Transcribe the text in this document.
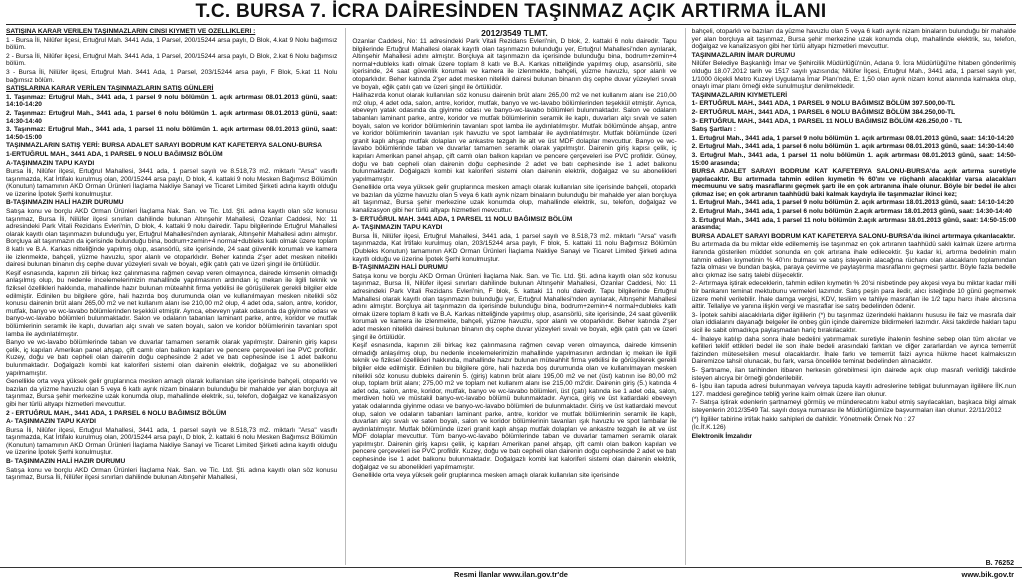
T.C. BURSA 7. İCRA DAİRESİNDEN TAŞINMAZ AÇIK ARTIRMA İLANI

SATIŞINA KARAR VERİLEN TAŞINMAZLARIN CİNSİ KIYMETİ VE ÖZELLİKLERİ :

1 - Bursa İli, Nilüfer ilçesi, Ertuğrul Mah. 3441 Ada, 1 Parsel, 200/15244 arsa paylı, D Blok, 4.kat 9 Nolu bağımsız bölüm.

2 - Bursa İli, Nilüfer ilçesi, Ertuğrul Mah. 3441 Ada, 1 Parsel, 200/15244 arsa paylı, D Blok, 2.kat 6 Nolu bağımsız bölüm.

3 - Bursa İli, Nilüfer ilçesi, Ertuğrul Mah. 3441 Ada, 1 Parsel, 203/15244 arsa paylı, F Blok, 5.kat 11 Nolu bağımsız bölüm.

SATIŞLARINA KARAR VERİLEN TAŞINMAZLARIN SATIŞ GÜNLERİ

1. Taşınmaz: Ertuğrul Mah., 3441 ada, 1 parsel 9 nolu bölümün 1. açık artırması 08.01.2013 günü, saat: 14:10-14:20

2. Taşınmaz: Ertuğrul Mah., 3441 ada, 1 parsel 6 nolu bölümün 1. açık artırması 08.01.2013 günü, saat: 14:30-14:40

3. Taşınmaz: Ertuğrul Mah., 3441 ada, 1 parsel 11 nolu bölümün 1. açık artırması 08.01.2013 günü, saat: 14:50-15:00

TAŞINMAZLARIN SATIŞ YERİ: BURSA ADALET SARAYI BODRUM KAT KAFETERYA SALONU-BURSA

1-ERTUĞRUL MAH., 3441 ADA, 1 PARSEL 9 NOLU BAĞIMSIZ BÖLÜM

A-TAŞINMAZIN TAPU KAYDI

Bursa İli, Nilüfer ilçesi, Ertuğrul Mahallesi, 3441 ada, 1 parsel sayılı ve 8.518,73 m2. miktarlı "Arsa" vasıflı taşınmazda, Kat İrtifakı kurulmuş olan, 200/15244 arsa paylı, D blok, 4. kattaki 9 nolu Mesken Bağımsız Bölümün (Konutun) tamamının AKD Orman Ürünleri İlaçlama Nakliye Sanayi ve Ticaret Limited Şirketi adına kayıtlı olduğu ve üzerine İpotek Şerhi konulmuştur.

B-TAŞINMAZIN HALİ HAZIR DURUMU

Satışa konu ve borçlu AKD Orman Ürünleri İlaçlama Nak. San. ve Tic. Ltd. Şti. adına kayıtlı olan söz konusu taşınmaz, Bursa İli, Nilüfer ilçesi sınırları dahilinde bulunan Altınşehir Mahallesi, Ozanlar Caddesi, No: 11 adresindeki Park Vitali Rezidans Evleri'nin, D blok, 4. kattaki 9 nolu dairedir. Tapu bilgilerinde Ertuğrul Mahallesi olarak kayıtlı olan taşınmazın bulunduğu yer, Ertuğrul Mahallesi'nden ayrılarak, Altınşehir Mahallesi adını almıştır. Borçluya ait taşınmazın da içerisinde bulunduğu bina, bodrum+zemin+4 normal+dubleks katlı olmak üzere toplam 8 katlı ve B.A. Karkas nitteliğinde yapılmış olup, asansörlü, site içerisinde, 24 saat güvenlik korumalı ve kamera ile izlenmekte, bahçeli, yüzme havuzlu, spor alanlı ve otoparklıdır. Beher katında 2'şer adet mesken niteliklı dairesi bulunan binanın dış cephe duvar yüzeyleri sıvalı ve boyalı, eğik çatılı çatı ve üzeri şingıl ile örtülüdür.

Keşif esnasında, kapının zili birkaç kez çalınmasına rağmen cevap veren olmayınca, dairede kimsenin olmadığı anlaşılmış olup, bu nedenle incelemelerimizin mahallinde yapılmasının ardından iç mekan ile ilgili teknik ve fiziksel özellikleri hakkında, mahallinde hazır bulunan müteahhit firma yetkilisi ile görüşülerek gerekli bilgiler elde edilmiştir. Edinilen bu bilgilere göre, hali hazırda boş durumunda olan ve kullanılmayan mesken nitelikli söz konusu dairenin brüt alanı 265,00 m2 ve net kullanım alanı ise 210,00 m2 olup, 4 adet oda, salon, antre, koridor, mutfak, banyo ve wc-lavabo bölümlerinden teşekkül etmiştir. Ayrıca, ebeveyn yatak odasında da giyinme odası ve banyo-wc-lavabo bölümleri bulunmaktadır. Salon ve odaların tabanları laminant parke, antre, koridor ve mutfak bölümlerinin seramik ile kaplı, duvarları alçı sıvalı ve saten boyalı, salon ve koridor bölümlerinin tavanları spot lamba ile aydınlatılmıştır.

Banyo ve wc-lavabo bölümlerinde taban ve duvarlar tamamen seramik olarak yapılmıştır. Dairenin giriş kapısı çelik, iç kapıları Amerikan panel ahşap, çift camlı olan balkon kapıları ve pencere çerçeveleri ise PVC profildir. Kuzey, doğu ve batı cepheli olan dairenin doğu cephesinde 2 adet ve batı cephesinde ise 1 adet balkonu bulunmaktadır. Doğalgazlı kombi kat kaloriferi sistemi olan dairenin elektrik, doğalgaz ve su abonelikleri yapılmamıştır.

Genellikle orta veya yüksek gelir gruplarınca mesken amaçlı olarak kullanılan site içerisinde bahçeli, otoparklı ve bazıları da yüzme havuzlu olan 5 veya 6 katlı ayrık nizam binaların bulunduğu bir mahalde yer alan borçluya ait taşınmaz, Bursa şehir merkezine uzak konumda olup, mahallinde elektrik, su, telefon, doğalgaz ve kanalizasyon gibi her türlü altyapı hizmetleri mevcuttur.

2 - ERTUĞRUL MAH., 3441 ADA, 1 PARSEL 6 NOLU BAĞIMSIZ BÖLÜM

A- TAŞINMAZIN TAPU KAYDI

Bursa İli, Nilüfer ilçesi, Ertuğrul Mahallesi, 3441 ada, 1 parsel sayılı ve 8.518,73 m2. miktarlı "Arsa" vasıflı taşınmazda, Kat İrtifakı kurulmuş olan, 200/15244 arsa paylı, D blok, 2. kattaki 6 nolu Mesken Bağımsız Bölümün (Konutun) tamamının AKD Orman Ürünleri İlaçlama Nakliye Sanayi ve Ticaret Limited Şirketi adına kayıtlı olduğu ve üzerine İpotek Şerhi konulmuştur.

B- TAŞINMAZIN HALİ HAZIR DURUMU

Satışa konu ve borçlu AKD Orman Ürünleri İlaçlama Nak. San. ve Tic. Ltd. Şti. adına kayıtlı olan söz konusu taşınmaz, Bursa İli, Nilüfer ilçesi sınırları dahilinde bulunan Altınşehir Mahallesi,

2012/3549 TLMT.

Ozanlar Caddesi, No: 11 adresindeki Park Vitali Rezidans Evleri'nin, D blok, 2. kattaki 6 nolu dairedir. Tapu bilgilerinde Ertuğrul Mahallesi olarak kayıtlı olan taşınmazın bulunduğu yer, Ertuğrul Mahallesi'nden ayrılarak, Altınşehir Mahallesi adını almıştır. Borçluya ait taşınmazın da içerisinde bulunduğu bina, bodrum+zemin+4 normal+dubleks katlı olmak üzere toplam 8 katlı ve B.A. Karkas nitteliğinde yapılmış olup, asansörlü, site içerisinde, 24 saat güvenlik korumalı ve kamera ile izlenmekte, bahçeli, yüzme havuzlu, spor alanlı ve otoparklıdır. Beher katında 2'şer adet mesken niteliklı dairesi bulunan binanın dış cephe duvar yüzeyleri sıvalı ve boyalı, eğik çatılı çatı ve üzeri şingıl ile örtülüdür.

Halihazırda konut olarak kullanılan söz konusu dairenin brüt alanı 265,00 m2 ve net kullanım alanı ise 210,00 m2 olup, 4 adet oda, salon, antre, koridor, mutfak, banyo ve wc-lavabo bölümlerinden teşekkül etmiştir. Ayrıca, ebeveyn yatak odasında da giyinme odası ve banyo-wc-lavabo bölümleri bulunmaktadır. Salon ve odaların tabanları laminant parke, antre, koridor ve mutfak bölümlerinin seramik ile kaplı, duvarları alçı sıvalı ve saten boyalı, salon ve koridor bölümlerinin tavanları spot lamba ile aydınlatılmıştır. Mutfak bölümünde ahşap, antre ve koridor bölümlerinin tavanları ışık havuzlu ve spot lambalar ile aydınlatılmıştır. Mutfak bölümünde üzeri granit kaplı ahşap mutfak dolapları ve ankastre tezgah ile alt ve üst MDF dolaplar mevcuttur. Banyo ve wc-lavabo bölümlerinde taban ve duvarlar tamamen seramik olarak yapılmıştır. Dairenin giriş kapısı çelik, iç kapıları Amerikan panel ahşap, çift camlı olan balkon kapıları ve pencere çerçeveleri ise PVC profildir. Güney, doğu ve batı cepheli olan dairenin doğu cephesinde 2 adet ve batı cephesinde ise 1 adet balkonu bulunmaktadır. Doğalgazlı kombi kat kaloriferi sistemi olan dairenin elektrik, doğalgaz ve su abonelikleri yapılmamıştır.

Genellikle orta veya yüksek gelir gruplarınca mesken amaçlı olarak kullanılan site içerisinde bahçeli, otoparklı ve bazıları da yüzme havuzlu olan 5 veya 6 katlı ayrık nizam binaların bulunduğu bir mahalde yer alan borçluya ait taşınmaz, Bursa şehir merkezine uzak konumda olup, mahallinde elektrik, su, telefon, doğalgaz ve kanalizasyon gibi her türlü altyapı hizmetleri mevcuttur.

3- ERTUĞRUL MAH. 3441 ADA, 1 PARSEL 11 NOLU BAĞIMSIZ BÖLÜM

A- TAŞINMAZIN TAPU KAYDI

Bursa İli, Nilüfer ilçesi, Ertuğrul Mahallesi, 3441 ada, 1 parsel sayılı ve 8.518,73 m2. miktarlı "Arsa" vasıflı taşınmazda, Kat İrtifakı kurulmuş olan, 203/15244 arsa paylı, F blok, 5. kattaki 11 nolu Bağımsız Bölümün (Dubleks Konutun) tamamının AKD Orman Ürünleri İlaçlama Nakliye Sanayi ve Ticaret Limited Şirketi adına kayıtlı olduğu ve üzerine İpotek Şerhi konulmuştur.

B-TAŞINMAZIN HALİ DURUMU

Satışa konu ve borçlu AKD Orman Ürünleri İlaçlama Nak. San. ve Tic. Ltd. Şti. adına kayıtlı olan söz konusu taşınmaz, Bursa İli, Nilüfer ilçesi sınırları dahilinde bulunan Altınşehir Mahallesi, Ozanlar Caddesi, No: 11 adresindeki Park Vitali Rezidans Evleri'nin, F blok, 5. kattaki 11 nolu dairedir. Tapu bilgilerinde Ertuğrul Mahallesi olarak kayıtlı olan taşınmazın bulunduğu yer, Ertuğrul Mahallesi'nden ayrılarak, Altınşehir Mahallesi adını almıştır. Borçluya ait taşınmazın da içerisinde bulunduğu bina, bodrum+zemin+4 normal+dubleks katlı olmak üzere toplam 8 katlı ve B.A. Karkas nitteliğinde yapılmış olup, asansörlü, site içerisinde, 24 saat güvenlik korumalı ve kamera ile izlenmekte, bahçeli, yüzme havuzlu, spor alanlı ve otoparklıdır. Beher katında 2'şer adet mesken niteliklı dairesi bulunan binanın dış cephe duvar yüzeyleri sıvalı ve boyalı, eğik çatılı çatı ve üzeri şingıl ile örtülüdür.

Keşif esnasında, kapının zili birkaç kez çalınmasına rağmen cevap veren olmayınca, dairede kimsenin olmadığı anlaşılmış olup, bu nedenle incelemelerimizin mahallinde yapılmasının ardından iç mekan ile ilgili teknik ve fiziksel özellikleri hakkında, mahallinde hazır bulunan müteahhit firma yetkilisi ile görüşülerek gerekli bilgiler elde edilmiştir. Edinilen bu bilgilere göre, hali hazırda boş durumunda olan ve kullanılmayan mesken nitelikli söz konusu dubleks dairenin 5. (giriş) katının brüt alanı 195,00 m2 ve net (üst) katının ise 80,00 m2 olup, toplam brüt alanı; 275,00 m2 ve toplam net kullanım alanı ise 215,00 m2'dir. Dairenin giriş (5.) katında 4 adet oda, salon, antre, koridor, mutfak, banyo ve wc-lavabo bölümleri, üst (çatı) katında ise 1 adet oda, salon, merdiven holü ve müstakil banyo-wc-lavabo bölümü bulunmaktadır. Ayrıca, giriş ve üst katlardaki ebeveyn yatak odalarında giyinme odası ve banyo-wc-lavabo bölümleri de bulunmaktadır. Giriş ve üst katlardaki mevcut olup, salon ve odaların tabanları laminant parke, antre, koridor ve mutfak bölümlerinin seramik ile kaplı, duvarları alçı sıvalı ve saten boyalı, salon ve koridor bölümlerinin tavanları ışık havuzlu ve spot lambalar ile aydınlatılmıştır. Mutfak bölümünde üzeri granit kaplı ahşap mutfak dolapları ve ankastre tezgah ile alt ve üst MDF dolaplar mevcuttur. Tüm banyo-wc-lavabo bölümlerinde taban ve duvarlar tamamen seramik olarak yapılmıştır. Dairenin giriş kapısı çelik, iç kapıları Amerikan panel ahşap, çift camlı olan balkon kapıları ve pencere çerçeveleri ise PVC profildir. Kuzey, doğu ve batı cepheli olan dairenin doğu cephesinde 2 adet ve batı cephesinde ise 1 adet balkonu bulunmaktadır. Doğalgazlı kombi kat kaloriferi sistemi olan dairenin elektrik, doğalgaz ve su abonelikleri yapılmamıştır.

Genellikle orta veya yüksek gelir gruplarınca mesken amaçlı olarak kullanılan site içerisinde

bahçeli, otoparklı ve bazıları da yüzme havuzlu olan 5 veya 6 katlı ayrık nizam binaların bulunduğu bir mahalde yer alan borçluya ait taşınmaz, Bursa şehir merkezine uzak konumda olup, mahallinde elektrik, su, telefon, doğalgaz ve kanalizasyon gibi her türlü altyapı hizmetleri mevcuttur.

TAŞINMAZLARIN İMAR DURUMU

Nilüfer Belediye Başkanlığı İmar ve Şehircilik Müdürlüğü'nün, Adana 9. İcra Müdürlüğü'ne hitaben gönderilmiş olduğu 18.07.2012 tarih ve 1517 sayılı yazısında; Nilüfer İlçesi, Ertuğrul Mah., 3441 ada, 1 parsel sayılı yer, 1/1000 ölçekli Metro Kuzeyi Uygulama İmar Planı'nda, E: 1,50 olan ayrık nizam konut alanında kalmakta olup, onaylı imar planı örneği ekte sunulmuştur denilmektedir.

TAŞINMAZLARIN KIYMETLERİ

1- ERTUĞRUL MAH., 3441 ADA, 1 PARSEL 9 NOLU BAĞIMSIZ BÖLÜM 397.500,00-TL

2- ERTUĞRUL MAH., 3441 ADA, 1 PARSEL 6 NOLU BAĞIMSIZ BÖLÜM 384.250,00-TL

3- ERTUĞRUL MAH., 3441 ADA, 1 PARSEL 11 NOLU BAĞIMSIZ BÖLÜM 426.250,00 - TL

Satış Şartları :

1. Ertuğrul Mah., 3441 ada, 1 parsel 9 nolu bölümün 1. açık artırması 08.01.2013 günü, saat: 14:10-14:20

2. Ertuğrul Mah., 3441 ada, 1 parsel 6 nolu bölümün 1. açık artırması 08.01.2013 günü, saat: 14:30-14:40

3. Ertuğrul Mah., 3441 ada, 1 parsel 11 nolu bölümün 1. açık artırması 08.01.2013 günü, saat: 14:50-15:00 arasında;

BURSA ADALET SARAYI BODRUM KAT KAFETERYA SALONU-BURSA'da açık artırma suretiyle yapılacaktır. Bu artırmada tahmin edilen kıymetin % 60'ını ve rüçhanlı alacaklılar varsa alacakları mecmuunu ve satış masraflarını geçmek şartı ile en çok artıranına ihale olunur. Böyle bir bedel ile alıcı çıkmaz ise; en çok artıranın taahhüdü baki kalmak kaydıyla ile taşınmazlar ikinci kez;

1. Ertuğrul Mah., 3441 ada, 1 parsel 9 nolu bölümün 2. açık artırması 18.01.2013 günü, saat: 14:10-14:20

2. Ertuğrul Mah., 3441 ada, 1 parsel 6 nolu bölümün 2.açık artırması 18.01.2013 günü, saat: 14:30-14:40

3. Ertuğrul Mah., 3441 ada, 1 parsel 11 nolu bölümün 2.açık artırması 18.01.2013 günü, saat: 14:50-15:00 arasında;

BURSA ADALET SARAYI BODRUM KAT KAFETERYA SALONU-BURSA'da ikinci artırmaya çıkarılacaktır.

Bu artırmada da bu miktar elde edilememiş ise taşınmaz en çok artıranın taahhüdü saklı kalmak üzere artırma ilanında gösterilen müddet sonunda en çok artırana ihale edilecektir. Şu kadar ki, artırma bedelinin malın tahmin edilen kıymetinin % 40'ını bulması ve satış isteyenin alacağına rüchanı olan alacakların toplamından fazla olması ve bundan başka, paraya çevirme ve paylaştırma masraflarını geçmesi şarttır. Böyle fazla bedelle alıcı çıkmaz ise satış talebi düşecektir.

2- Artırmaya iştirak edeceklerin, tahmin edilen kıymetin % 20'si nisbetinde pey akçesi veya bu miktar kadar milli bir bankanın teminat mektubunu vermeleri lazımdır. Satış peşin para iledir, alıcı isteğinde 10 günü geçmemek üzere mehil verilebilir. İhale damga vergisi, KDV, tesliim ve tahliye masrafları ile 1/2 tapu harcı ihale alıcısına aittir. Tellaliye ve yanına ilişkin vergi ve masraflar ise satış bedelinden ödenir.

3- İpotek sahibi alacaklılarla diğer ilgililerin (*) bu taşınmaz üzerindeki haklarını hususu ile faiz ve masrafa dair olan iddialarını dayanağı belgeler ile onbeş gün içinde dairemize bildirmeleri lazımdır. Aksi takdirde hakları tapu sicil ile sabit olmadıkça paylaşmadan hariç bırakılacaktır.

4- İhaleye katılıp daha sonra ihale bedelini yatırmamak suretiyle ihalenin feshine sebep olan tüm alıcılar ve kefilleri teklif ettikleri bedel ile son ihale bedeli arasındaki farktan ve diğer zararlardan ve ayrıca temerrüt faizinden müteselsilen mesul olacaklardır. İhale farkı ve temerrüt faizi ayrıca hükme hacet kalmaksızın Dairemizce tahsil olunacak, bu fark, varsa öncelikle teminat bedelinden alınacaktır.

5- Şartname, ilan tarihinden itibaren herkesin görebilmesi için dairede açık olup masrafı verildiği takdirde isteyen alıcıya bir örneği gönderilebilir.

6- İşbu ilan tapuda adresi bulunmayan ve/veya tapuda kayıtlı adreslerine tebligat bulunmayan ilgililere İİK.nun 127. maddesi gereğince tebliğ yerine kaim olmak üzere ilan olunur.

7- Satışa iştirak edenlerin şartnameyi görmüş ve münderecatını kabul etmiş sayılacakları, başkaca bilgi almak isteyenlerin 2012/3549 Tal. sayılı dosya numarası ile Müdürlüğümüze başvurmaları ilan olunur. 22/11/2012

(*) İlgililer tabirine irtifak hakkı sahipleri de dahildir. Yönetmelik Örnek No : 27

(İc.İf.K.126)

Elektronik İmzalıdır

B. 76252
Resmi İlanlar www.ilan.gov.tr'de	www.bik.gov.tr
